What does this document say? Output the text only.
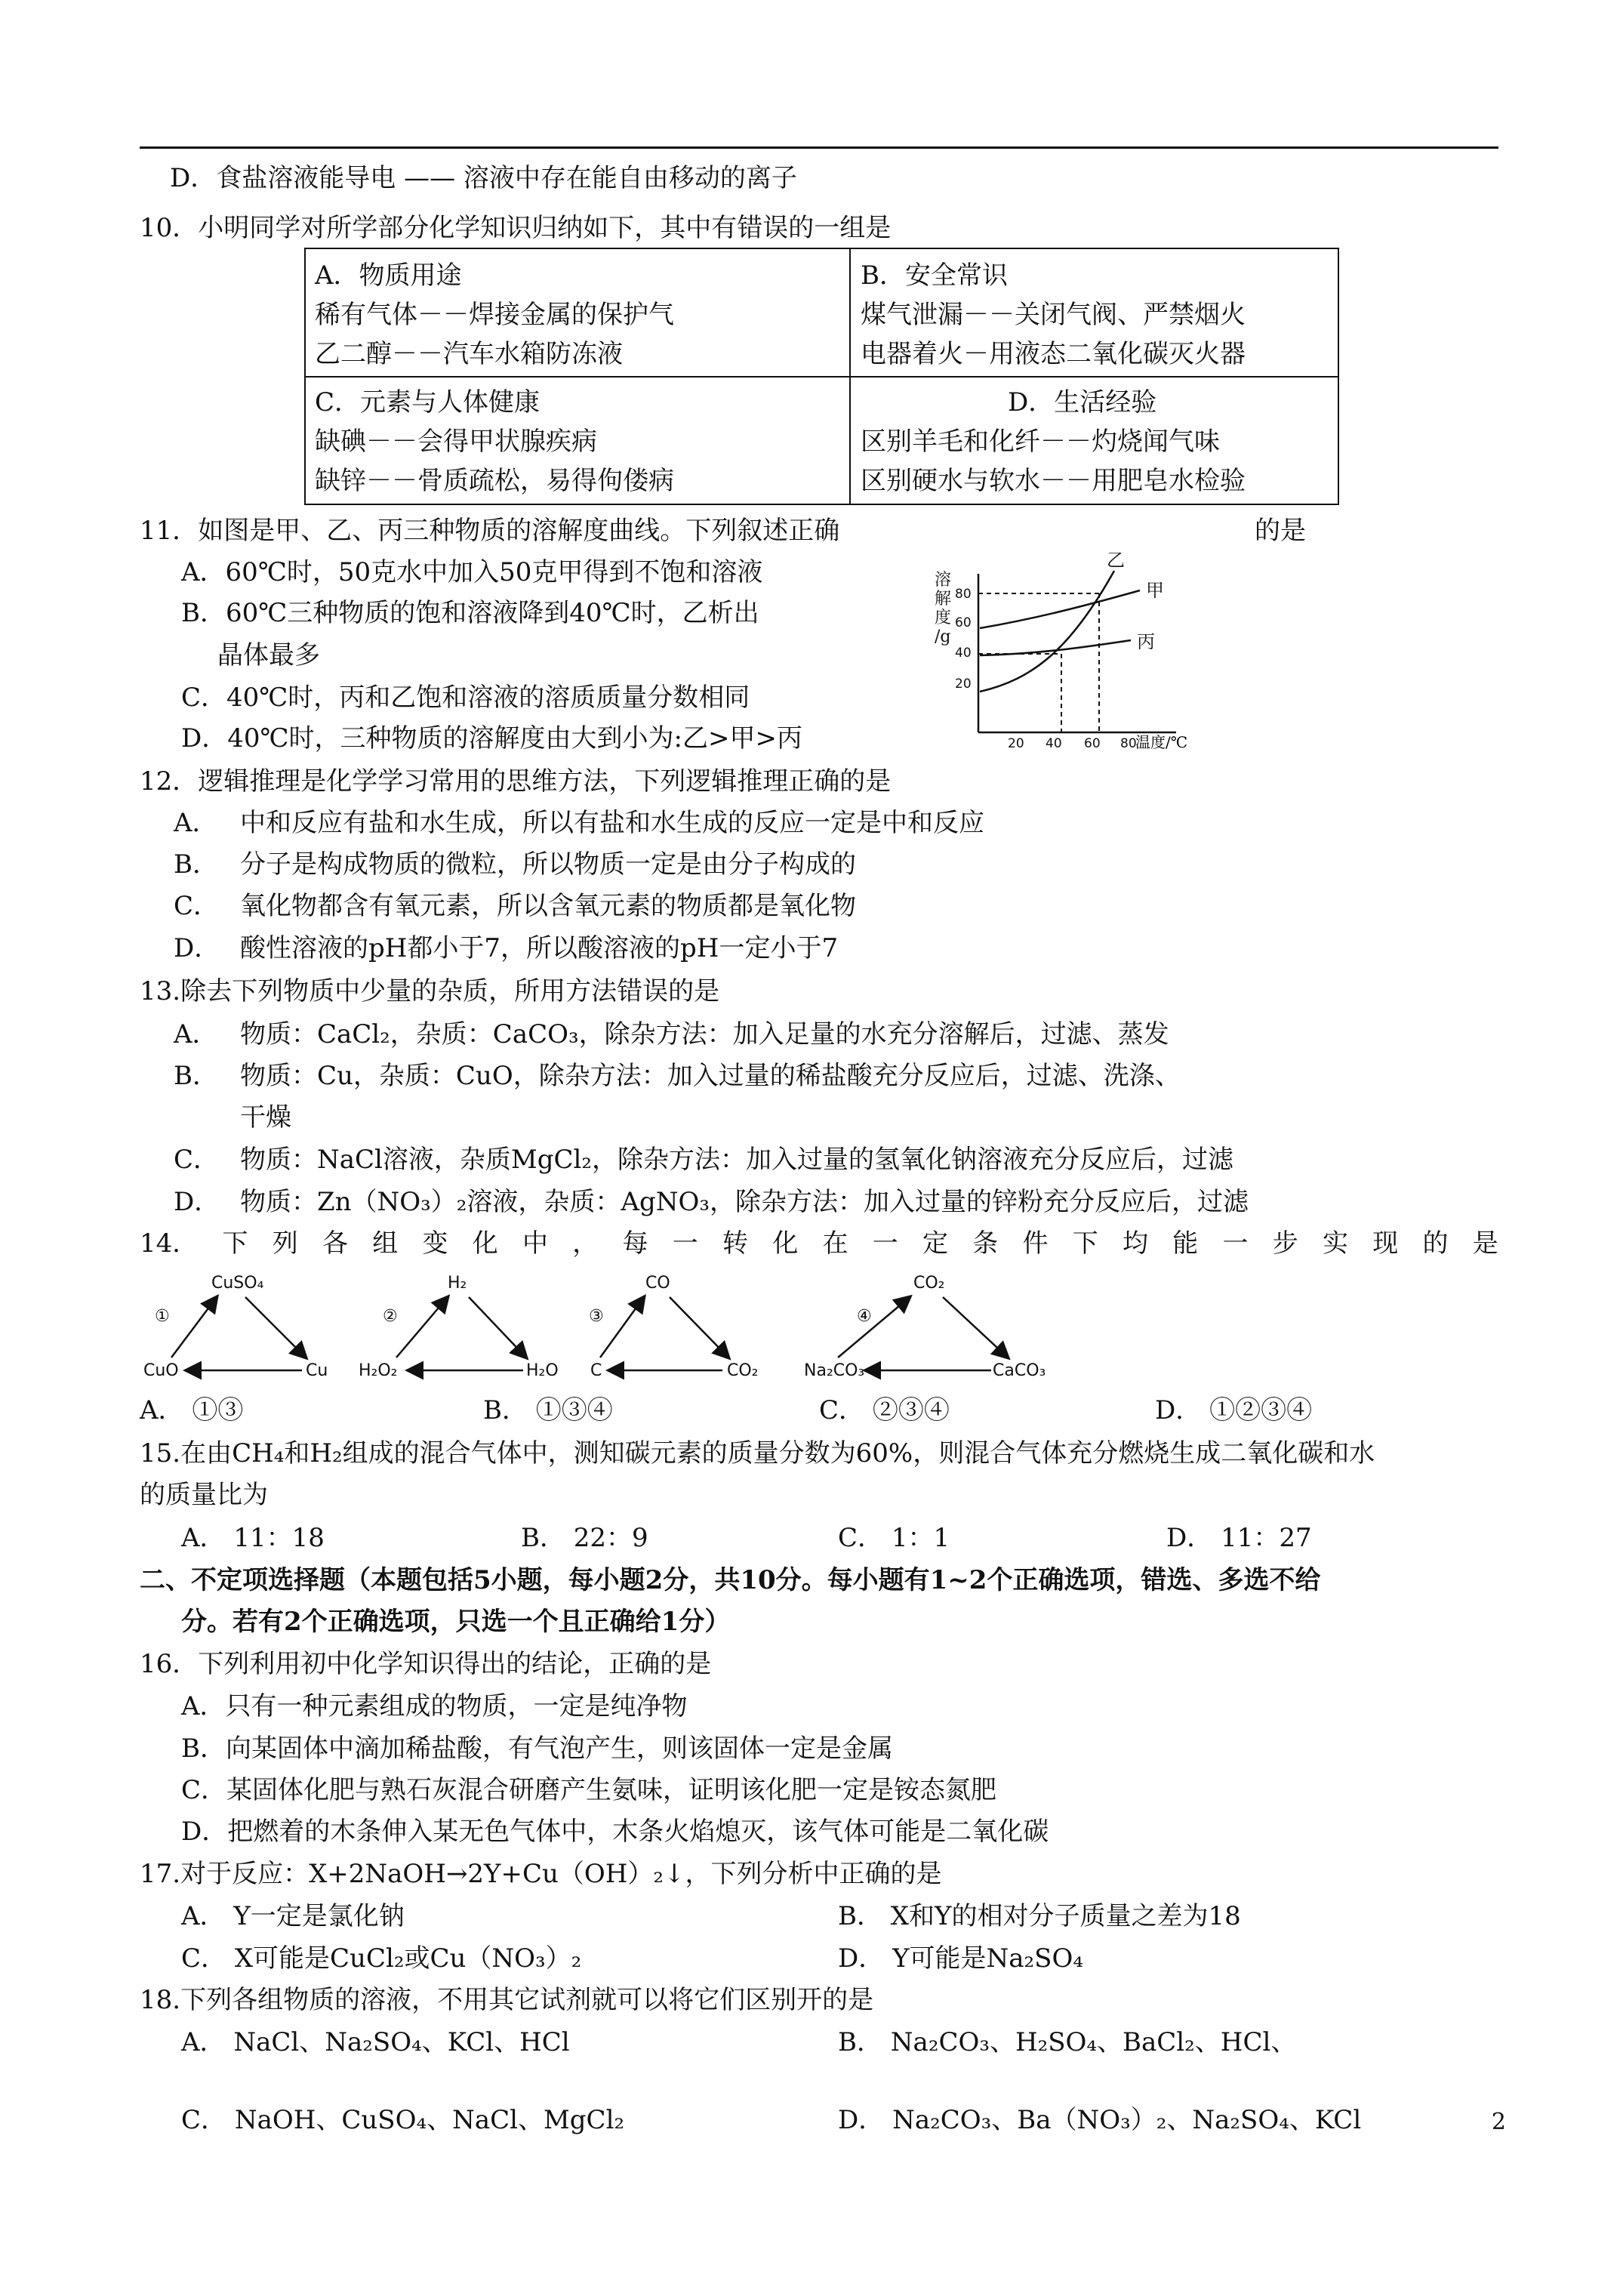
D．食盐溶液能导电 —— 溶液中存在能自由移动的离子
10．小明同学对所学部分化学知识归纳如下，其中有错误的一组是
A．物质用途
稀有气体－－焊接金属的保护气
乙二醇－－汽车水箱防冻液
B．安全常识
煤气泄漏－－关闭气阀、严禁烟火
电器着火－用液态二氧化碳灭火器
C．元素与人体健康
缺碘－－会得甲状腺疾病
缺锌－－骨质疏松，易得佝偻病
D．生活经验
区别羊毛和化纤－－灼烧闻气味
区别硬水与软水－－用肥皂水检验
11．如图是甲、乙、丙三种物质的溶解度曲线。下列叙述正确	的是
A．60℃时，50克水中加入50克甲得到不饱和溶液
B．60℃三种物质的饱和溶液降到40℃时，乙析出
晶体最多
C．40℃时，丙和乙饱和溶液的溶质质量分数相同
D．40℃时，三种物质的溶解度由大到小为:乙>甲>丙
溶
解
度
/g
80
60
40
20
20 40 60 80
温度/℃
乙
甲
丙
12．逻辑推理是化学学习常用的思维方法，下列逻辑推理正确的是
A． 中和反应有盐和水生成，所以有盐和水生成的反应一定是中和反应
B． 分子是构成物质的微粒，所以物质一定是由分子构成的
C． 氧化物都含有氧元素，所以含氧元素的物质都是氧化物
D． 酸性溶液的pH都小于7，所以酸溶液的pH一定小于7
13.除去下列物质中少量的杂质，所用方法错误的是
A． 物质：CaCl₂，杂质：CaCO₃，除杂方法：加入足量的水充分溶解后，过滤、蒸发
B． 物质：Cu，杂质：CuO，除杂方法：加入过量的稀盐酸充分反应后，过滤、洗涤、
干燥
C． 物质：NaCl溶液，杂质MgCl₂，除杂方法：加入过量的氢氧化钠溶液充分反应后，过滤
D． 物质：Zn（NO₃）₂溶液，杂质：AgNO₃，除杂方法：加入过量的锌粉充分反应后，过滤
14． 下 列 各 组 变 化 中 ， 每 一 转 化 在 一 定 条 件 下 均 能 一 步 实 现 的 是
①
CuSO₄
CuO	Cu
②
H₂
H₂O₂	H₂O
③
CO
C	CO₂
④
CO₂
Na₂CO₃	CaCO₃
A． ①③	B． ①③④	C． ②③④	D． ①②③④
15.在由CH₄和H₂组成的混合气体中，测知碳元素的质量分数为60%，则混合气体充分燃烧生成二氧化碳和水
的质量比为
A． 11：18	B． 22：9	C． 1：1	D． 11：27
二、不定项选择题（本题包括5小题，每小题2分，共10分。每小题有1~2个正确选项，错选、多选不给
分。若有2个正确选项，只选一个且正确给1分）
16．下列利用初中化学知识得出的结论，正确的是
A．只有一种元素组成的物质，一定是纯净物
B．向某固体中滴加稀盐酸，有气泡产生，则该固体一定是金属
C．某固体化肥与熟石灰混合研磨产生氨味，证明该化肥一定是铵态氮肥
D．把燃着的木条伸入某无色气体中，木条火焰熄灭，该气体可能是二氧化碳
17.对于反应：X+2NaOH→2Y+Cu（OH）₂↓，下列分析中正确的是
A． Y一定是氯化钠	B． X和Y的相对分子质量之差为18
C． X可能是CuCl₂或Cu（NO₃）₂	D． Y可能是Na₂SO₄
18.下列各组物质的溶液，不用其它试剂就可以将它们区别开的是
A． NaCl、Na₂SO₄、KCl、HCl	B． Na₂CO₃、H₂SO₄、BaCl₂、HCl、
C． NaOH、CuSO₄、NaCl、MgCl₂	D． Na₂CO₃、Ba（NO₃）₂、Na₂SO₄、KCl	2
